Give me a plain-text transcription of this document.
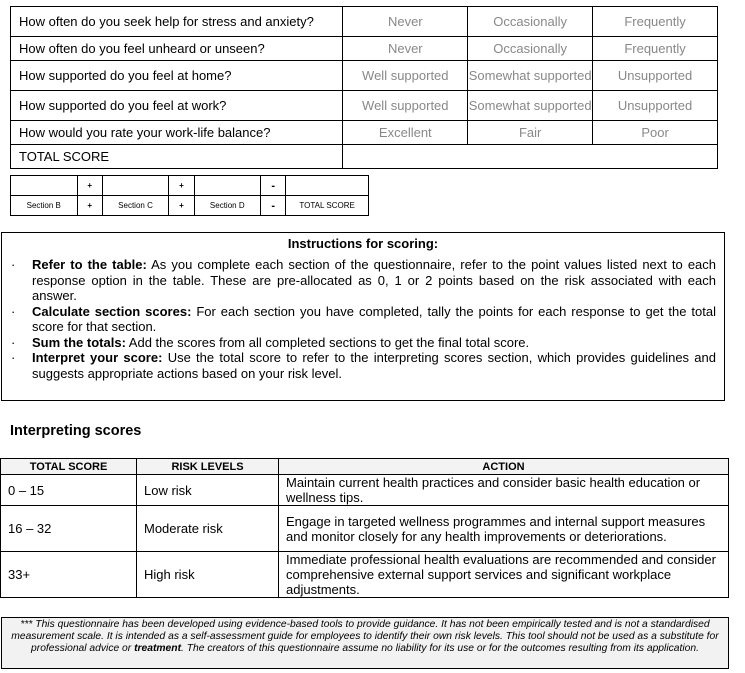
How often do you seek help for stress and anxiety?	Never	Occasionally	Frequently
How often do you feel unheard or unseen?	Never	Occasionally	Frequently
How supported do you feel at home?	Well supported	Somewhat supported	Unsupported
How supported do you feel at work?	Well supported	Somewhat supported	Unsupported
How would you rate your work-life balance?	Excellent	Fair	Poor
TOTAL SCORE			
	+		+		-	
Section B	+	Section C	+	Section D	-	TOTAL SCORE
Instructions for scoring:
· Refer to the table: As you complete each section of the questionnaire, refer to the point values listed next to each response option in the table. These are pre-allocated as 0, 1 or 2 points based on the risk associated with each answer.
· Calculate section scores: For each section you have completed, tally the points for each response to get the total score for that section.
· Sum the totals: Add the scores from all completed sections to get the final total score.
· Interpret your score: Use the total score to refer to the interpreting scores section, which provides guidelines and suggests appropriate actions based on your risk level.
Interpreting scores
TOTAL SCORE	RISK LEVELS	ACTION
0 – 15	Low risk	Maintain current health practices and consider basic health education or wellness tips.
16 – 32	Moderate risk	Engage in targeted wellness programmes and internal support measures and monitor closely for any health improvements or deteriorations.
33+	High risk	Immediate professional health evaluations are recommended and consider comprehensive external support services and significant workplace adjustments.
*** This questionnaire has been developed using evidence-based tools to provide guidance. It has not been empirically tested and is not a standardised measurement scale. It is intended as a self-assessment guide for employees to identify their own risk levels. This tool should not be used as a substitute for professional advice or treatment. The creators of this questionnaire assume no liability for its use or for the outcomes resulting from its application.
